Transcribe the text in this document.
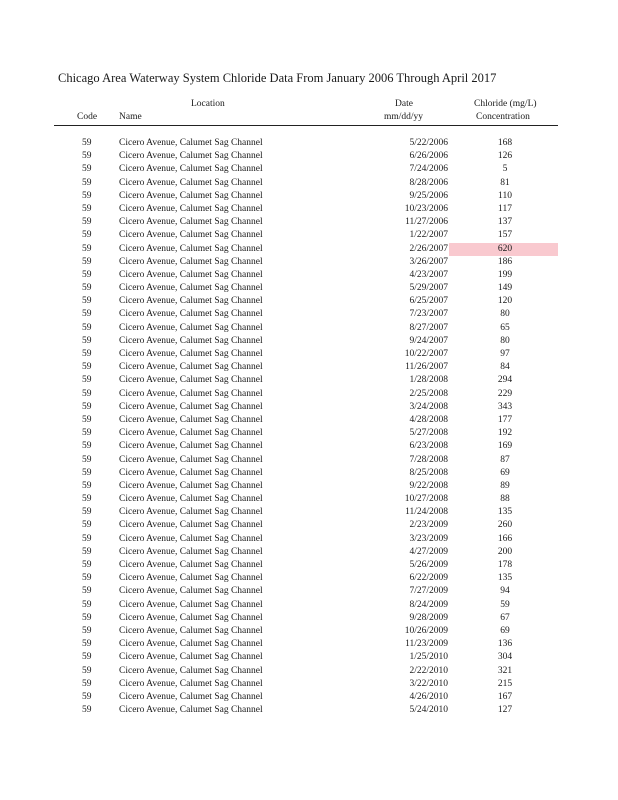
Chicago Area Waterway System Chloride Data From January 2006 Through April 2017
Location
Code Name
Date
mm/dd/yy
Chloride (mg/L)
Concentration
59	Cicero Avenue, Calumet Sag Channel	5/22/2006	168
59	Cicero Avenue, Calumet Sag Channel	6/26/2006	126
59	Cicero Avenue, Calumet Sag Channel	7/24/2006	5
59	Cicero Avenue, Calumet Sag Channel	8/28/2006	81
59	Cicero Avenue, Calumet Sag Channel	9/25/2006	110
59	Cicero Avenue, Calumet Sag Channel	10/23/2006	117
59	Cicero Avenue, Calumet Sag Channel	11/27/2006	137
59	Cicero Avenue, Calumet Sag Channel	1/22/2007	157
59	Cicero Avenue, Calumet Sag Channel	2/26/2007	620
59	Cicero Avenue, Calumet Sag Channel	3/26/2007	186
59	Cicero Avenue, Calumet Sag Channel	4/23/2007	199
59	Cicero Avenue, Calumet Sag Channel	5/29/2007	149
59	Cicero Avenue, Calumet Sag Channel	6/25/2007	120
59	Cicero Avenue, Calumet Sag Channel	7/23/2007	80
59	Cicero Avenue, Calumet Sag Channel	8/27/2007	65
59	Cicero Avenue, Calumet Sag Channel	9/24/2007	80
59	Cicero Avenue, Calumet Sag Channel	10/22/2007	97
59	Cicero Avenue, Calumet Sag Channel	11/26/2007	84
59	Cicero Avenue, Calumet Sag Channel	1/28/2008	294
59	Cicero Avenue, Calumet Sag Channel	2/25/2008	229
59	Cicero Avenue, Calumet Sag Channel	3/24/2008	343
59	Cicero Avenue, Calumet Sag Channel	4/28/2008	177
59	Cicero Avenue, Calumet Sag Channel	5/27/2008	192
59	Cicero Avenue, Calumet Sag Channel	6/23/2008	169
59	Cicero Avenue, Calumet Sag Channel	7/28/2008	87
59	Cicero Avenue, Calumet Sag Channel	8/25/2008	69
59	Cicero Avenue, Calumet Sag Channel	9/22/2008	89
59	Cicero Avenue, Calumet Sag Channel	10/27/2008	88
59	Cicero Avenue, Calumet Sag Channel	11/24/2008	135
59	Cicero Avenue, Calumet Sag Channel	2/23/2009	260
59	Cicero Avenue, Calumet Sag Channel	3/23/2009	166
59	Cicero Avenue, Calumet Sag Channel	4/27/2009	200
59	Cicero Avenue, Calumet Sag Channel	5/26/2009	178
59	Cicero Avenue, Calumet Sag Channel	6/22/2009	135
59	Cicero Avenue, Calumet Sag Channel	7/27/2009	94
59	Cicero Avenue, Calumet Sag Channel	8/24/2009	59
59	Cicero Avenue, Calumet Sag Channel	9/28/2009	67
59	Cicero Avenue, Calumet Sag Channel	10/26/2009	69
59	Cicero Avenue, Calumet Sag Channel	11/23/2009	136
59	Cicero Avenue, Calumet Sag Channel	1/25/2010	304
59	Cicero Avenue, Calumet Sag Channel	2/22/2010	321
59	Cicero Avenue, Calumet Sag Channel	3/22/2010	215
59	Cicero Avenue, Calumet Sag Channel	4/26/2010	167
59	Cicero Avenue, Calumet Sag Channel	5/24/2010	127
